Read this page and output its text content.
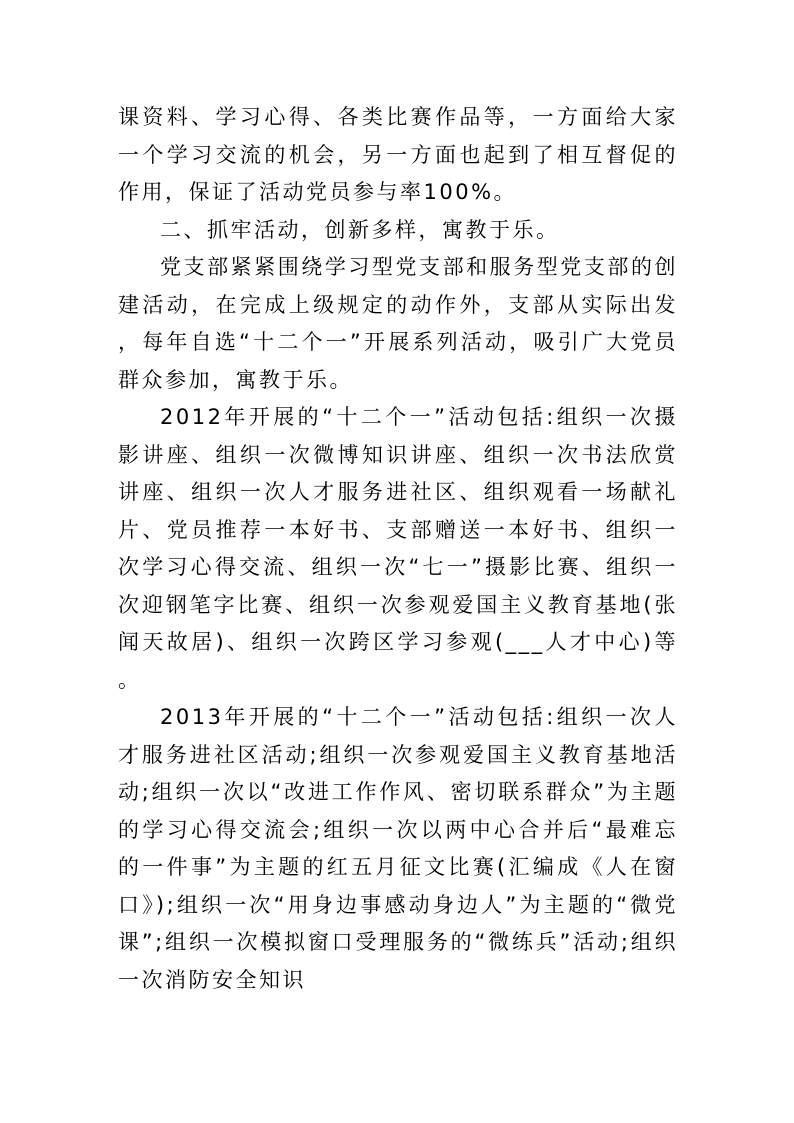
课资料、学习心得、各类比赛作品等，一方面给大家一个学习交流的机会，另一方面也起到了相互督促的作用，保证了活动党员参与率100%。

二、抓牢活动，创新多样，寓教于乐。

党支部紧紧围绕学习型党支部和服务型党支部的创建活动，在完成上级规定的动作外，支部从实际出发，每年自选“十二个一”开展系列活动，吸引广大党员群众参加，寓教于乐。

2012年开展的“十二个一”活动包括:组织一次摄影讲座、组织一次微博知识讲座、组织一次书法欣赏讲座、组织一次人才服务进社区、组织观看一场献礼片、党员推荐一本好书、支部赠送一本好书、组织一次学习心得交流、组织一次“七一”摄影比赛、组织一次迎钢笔字比赛、组织一次参观爱国主义教育基地(张闻天故居)、组织一次跨区学习参观(___人才中心)等。

2013年开展的“十二个一”活动包括:组织一次人才服务进社区活动;组织一次参观爱国主义教育基地活动;组织一次以“改进工作作风、密切联系群众”为主题的学习心得交流会;组织一次以两中心合并后“最难忘的一件事”为主题的红五月征文比赛(汇编成《人在窗口》);组织一次“用身边事感动身边人”为主题的“微党课”;组织一次模拟窗口受理服务的“微练兵”活动;组织一次消防安全知识
